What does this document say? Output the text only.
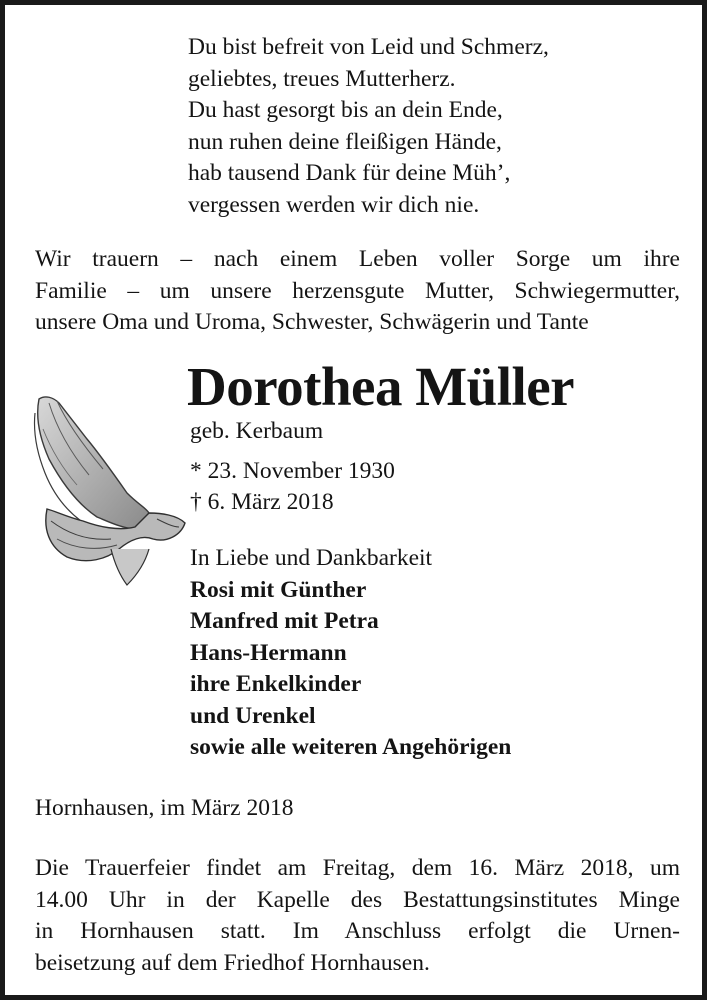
Du bist befreit von Leid und Schmerz,
geliebtes, treues Mutterherz.
Du hast gesorgt bis an dein Ende,
nun ruhen deine fleißigen Hände,
hab tausend Dank für deine Müh’,
vergessen werden wir dich nie.
Wir trauern – nach einem Leben voller Sorge um ihre
Familie – um unsere herzensgute Mutter, Schwiegermutter,
unsere Oma und Uroma, Schwester, Schwägerin und Tante
Dorothea Müller
geb. Kerbaum
* 23. November 1930
† 6. März 2018
In Liebe und Dankbarkeit
Rosi mit Günther
Manfred mit Petra
Hans-Hermann
ihre Enkelkinder
und Urenkel
sowie alle weiteren Angehörigen
Hornhausen, im März 2018
Die Trauerfeier findet am Freitag, dem 16. März 2018, um
14.00 Uhr in der Kapelle des Bestattungsinstitutes Minge
in Hornhausen statt. Im Anschluss erfolgt die Urnen-
beisetzung auf dem Friedhof Hornhausen.
